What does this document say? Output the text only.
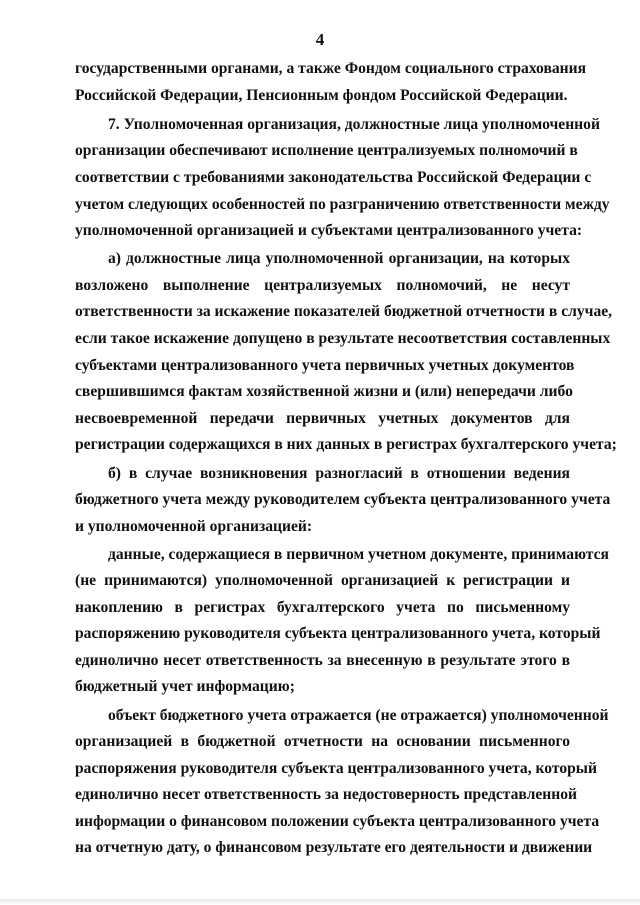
4
государственными органами, а также Фондом социального страхования
Российской Федерации, Пенсионным фондом Российской Федерации.
7. Уполномоченная организация, должностные лица уполномоченной
организации обеспечивают исполнение централизуемых полномочий в
соответствии с требованиями законодательства Российской Федерации с
учетом следующих особенностей по разграничению ответственности между
уполномоченной организацией и субъектами централизованного учета:
а) должностные лица уполномоченной организации, на которых
возложено выполнение централизуемых полномочий, не несут
ответственности за искажение показателей бюджетной отчетности в случае,
если такое искажение допущено в результате несоответствия составленных
субъектами централизованного учета первичных учетных документов
свершившимся фактам хозяйственной жизни и (или) непередачи либо
несвоевременной передачи первичных учетных документов для
регистрации содержащихся в них данных в регистрах бухгалтерского учета;
б) в случае возникновения разногласий в отношении ведения
бюджетного учета между руководителем субъекта централизованного учета
и уполномоченной организацией:
данные, содержащиеся в первичном учетном документе, принимаются
(не принимаются) уполномоченной организацией к регистрации и
накоплению в регистрах бухгалтерского учета по письменному
распоряжению руководителя субъекта централизованного учета, который
единолично несет ответственность за внесенную в результате этого в
бюджетный учет информацию;
объект бюджетного учета отражается (не отражается) уполномоченной
организацией в бюджетной отчетности на основании письменного
распоряжения руководителя субъекта централизованного учета, который
единолично несет ответственность за недостоверность представленной
информации о финансовом положении субъекта централизованного учета
на отчетную дату, о финансовом результате его деятельности и движении
